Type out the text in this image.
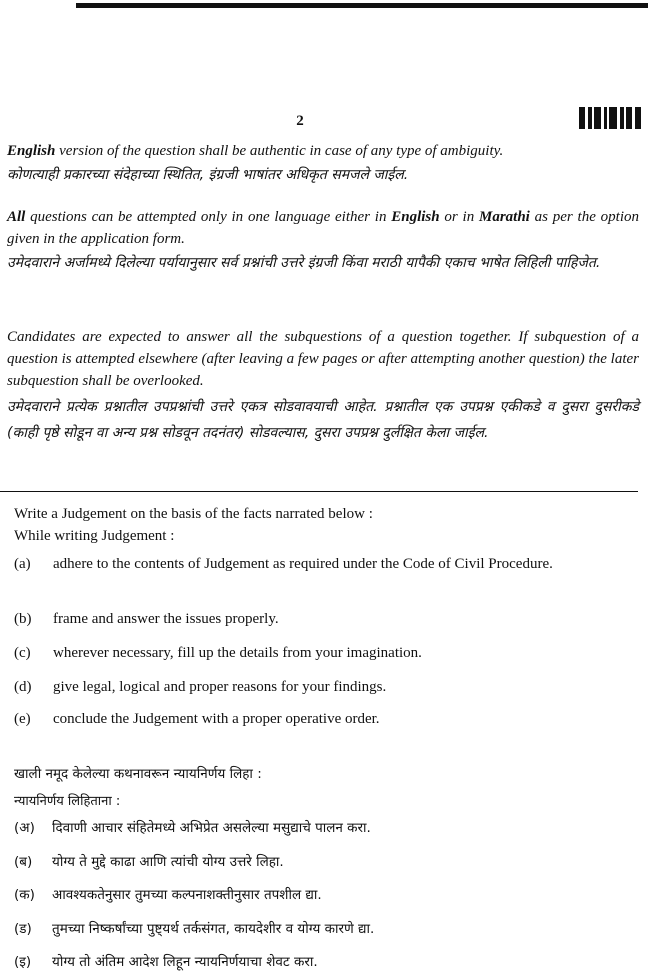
2

English version of the question shall be authentic in case of any type of ambiguity.

कोणत्याही प्रकारच्या संदेहाच्या स्थितित, इंग्रजी भाषांतर अधिकृत समजले जाईल.

All questions can be attempted only in one language either in English or in Marathi as per the option given in the application form.

उमेदवाराने अर्जामध्ये दिलेल्या पर्यायानुसार सर्व प्रश्नांची उत्तरे इंग्रजी किंवा मराठी यापैकी एकाच भाषेत लिहिली पाहिजेत.

Candidates are expected to answer all the subquestions of a question together. If subquestion of a question is attempted elsewhere (after leaving a few pages or after attempting another question) the later subquestion shall be overlooked.

उमेदवाराने प्रत्येक प्रश्नातील उपप्रश्नांची उत्तरे एकत्र सोडवावयाची आहेत. प्रश्नातील एक उपप्रश्न एकीकडे व दुसरा दुसरीकडे (काही पृष्ठे सोडून वा अन्य प्रश्न सोडवून तदनंतर) सोडवल्यास, दुसरा उपप्रश्न दुर्लक्षित केला जाईल.

Write a Judgement on the basis of the facts narrated below :
While writing Judgement :
(a) adhere to the contents of Judgement as required under the Code of Civil Procedure.
(b) frame and answer the issues properly.
(c) wherever necessary, fill up the details from your imagination.
(d) give legal, logical and proper reasons for your findings.
(e) conclude the Judgement with a proper operative order.
खाली नमूद केलेल्या कथनावरून न्यायनिर्णय लिहा :
न्यायनिर्णय लिहिताना :
(अ) दिवाणी आचार संहितेमध्ये अभिप्रेत असलेल्या मसुद्याचे पालन करा.
(ब) योग्य ते मुद्दे काढा आणि त्यांची योग्य उत्तरे लिहा.
(क) आवश्यकतेनुसार तुमच्या कल्पनाशक्तीनुसार तपशील द्या.
(ड) तुमच्या निष्कर्षांच्या पुष्ट्यर्थ तर्कसंगत, कायदेशीर व योग्य कारणे द्या.
(इ) योग्य तो अंतिम आदेश लिहून न्यायनिर्णयाचा शेवट करा.
